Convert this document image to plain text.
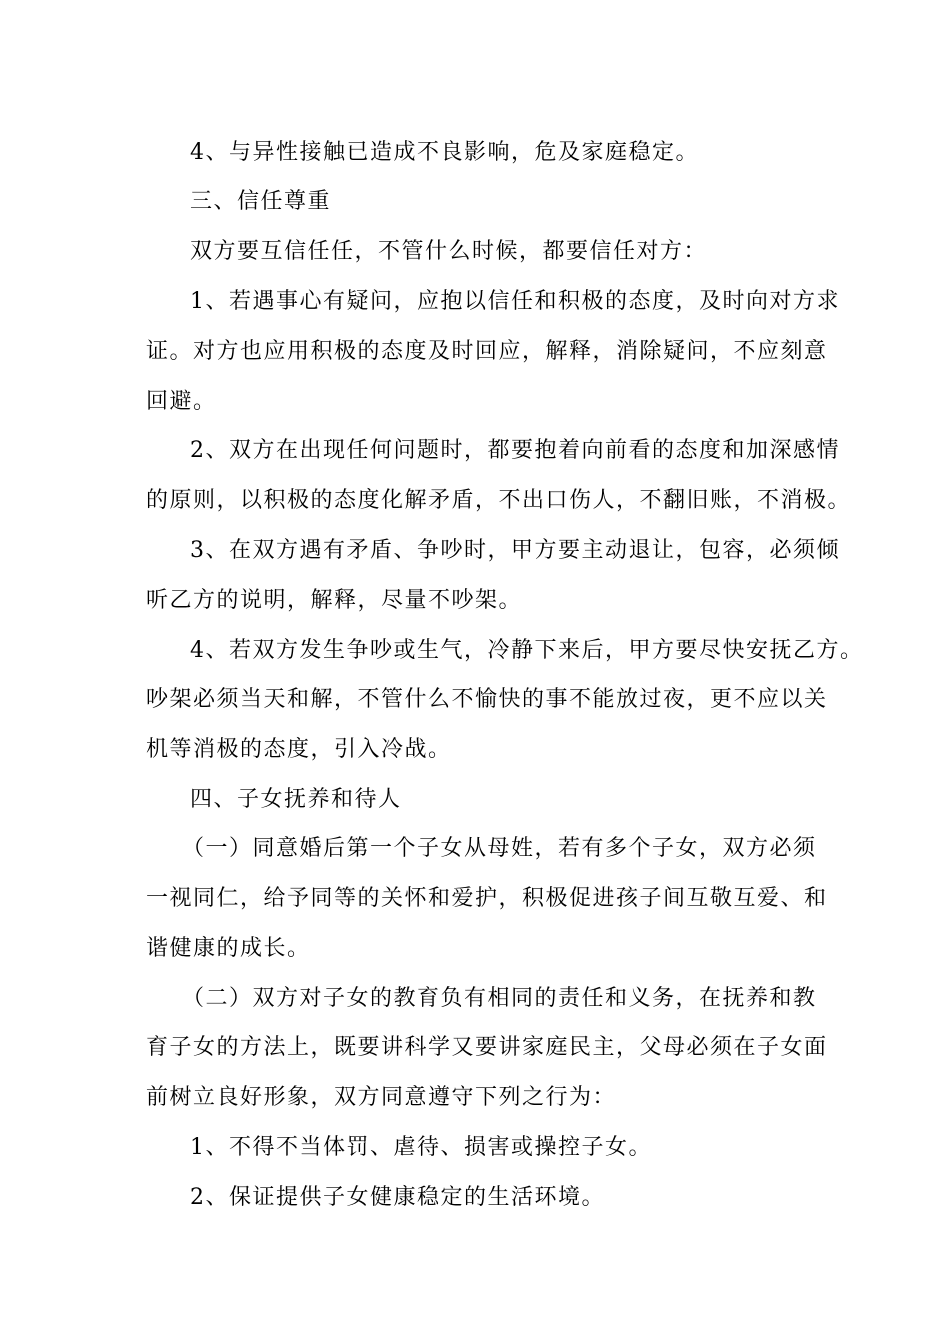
4、与异性接触已造成不良影响，危及家庭稳定。
三、信任尊重
双方要互信任任，不管什么时候，都要信任对方：
1、若遇事心有疑问，应抱以信任和积极的态度，及时向对方求
证。对方也应用积极的态度及时回应，解释，消除疑问，不应刻意
回避。
2、双方在出现任何问题时，都要抱着向前看的态度和加深感情
的原则，以积极的态度化解矛盾，不出口伤人，不翻旧账，不消极。
3、在双方遇有矛盾、争吵时，甲方要主动退让，包容，必须倾
听乙方的说明，解释，尽量不吵架。
4、若双方发生争吵或生气，冷静下来后，甲方要尽快安抚乙方。
吵架必须当天和解，不管什么不愉快的事不能放过夜，更不应以关
机等消极的态度，引入冷战。
四、子女抚养和待人
（一）同意婚后第一个子女从母姓，若有多个子女，双方必须
一视同仁，给予同等的关怀和爱护，积极促进孩子间互敬互爱、和
谐健康的成长。
（二）双方对子女的教育负有相同的责任和义务，在抚养和教
育子女的方法上，既要讲科学又要讲家庭民主，父母必须在子女面
前树立良好形象，双方同意遵守下列之行为：
1、不得不当体罚、虐待、损害或操控子女。
2、保证提供子女健康稳定的生活环境。
